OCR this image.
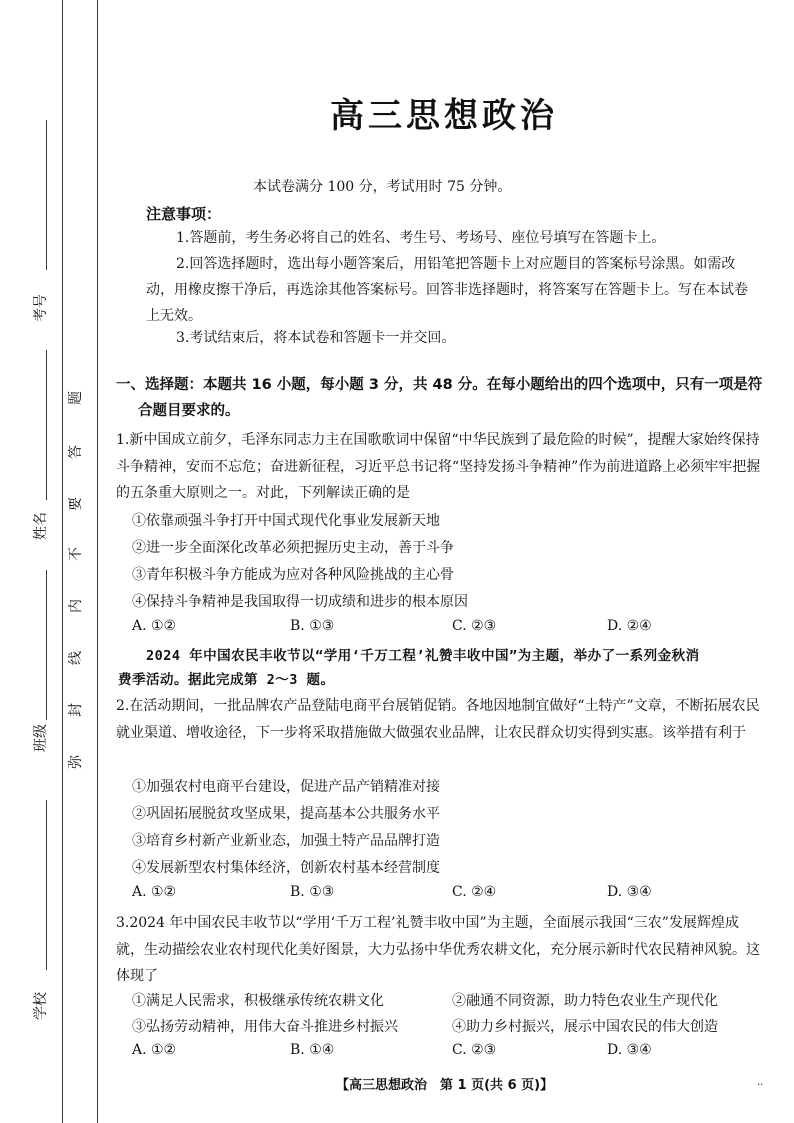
考号
姓名
班级
学校
题
答
要
不
内
线
封
弥
高三思想政治
本试卷满分 100 分，考试用时 75 分钟。
注意事项：
1.答题前，考生务必将自己的姓名、考生号、考场号、座位号填写在答题卡上。
2.回答选择题时，选出每小题答案后，用铅笔把答题卡上对应题目的答案标号涂黑。如需改动，用橡皮擦干净后，再选涂其他答案标号。回答非选择题时，将答案写在答题卡上。写在本试卷上无效。
3.考试结束后，将本试卷和答题卡一并交回。
一、选择题：本题共 16 小题，每小题 3 分，共 48 分。在每小题给出的四个选项中，只有一项是符
合题目要求的。
1.新中国成立前夕，毛泽东同志力主在国歌歌词中保留“中华民族到了最危险的时候”，提醒大家始终保持斗争精神，安而不忘危；奋进新征程，习近平总书记将“坚持发扬斗争精神”作为前进道路上必须牢牢把握的五条重大原则之一。对此，下列解读正确的是
①依靠顽强斗争打开中国式现代化事业发展新天地
②进一步全面深化改革必须把握历史主动，善于斗争
③青年积极斗争方能成为应对各种风险挑战的主心骨
④保持斗争精神是我国取得一切成绩和进步的根本原因
A. ①②	B. ①③	C. ②③	D. ②④
2024 年中国农民丰收节以“学用‘千万工程’礼赞丰收中国”为主题，举办了一系列金秋消
费季活动。据此完成第 2～3 题。
2.在活动期间，一批品牌农产品登陆电商平台展销促销。各地因地制宜做好“土特产”文章，不断拓展农民就业渠道、增收途径，下一步将采取措施做大做强农业品牌，让农民群众切实得到实惠。该举措有利于
①加强农村电商平台建设，促进产品产销精准对接
②巩固拓展脱贫攻坚成果，提高基本公共服务水平
③培育乡村新产业新业态，加强土特产品品牌打造
④发展新型农村集体经济，创新农村基本经营制度
A. ①②	B. ①③	C. ②④	D. ③④
3.2024 年中国农民丰收节以“学用‘千万工程’礼赞丰收中国”为主题，全面展示我国“三农”发展辉煌成就，生动描绘农业农村现代化美好图景，大力弘扬中华优秀农耕文化，充分展示新时代农民精神风貌。这体现了
①满足人民需求，积极继承传统农耕文化	②融通不同资源，助力特色农业生产现代化
③弘扬劳动精神，用伟大奋斗推进乡村振兴	④助力乡村振兴，展示中国农民的伟大创造
A. ①②	B. ①④	C. ②③	D. ③④
【高三思想政治　第 1 页(共 6 页)】	··
